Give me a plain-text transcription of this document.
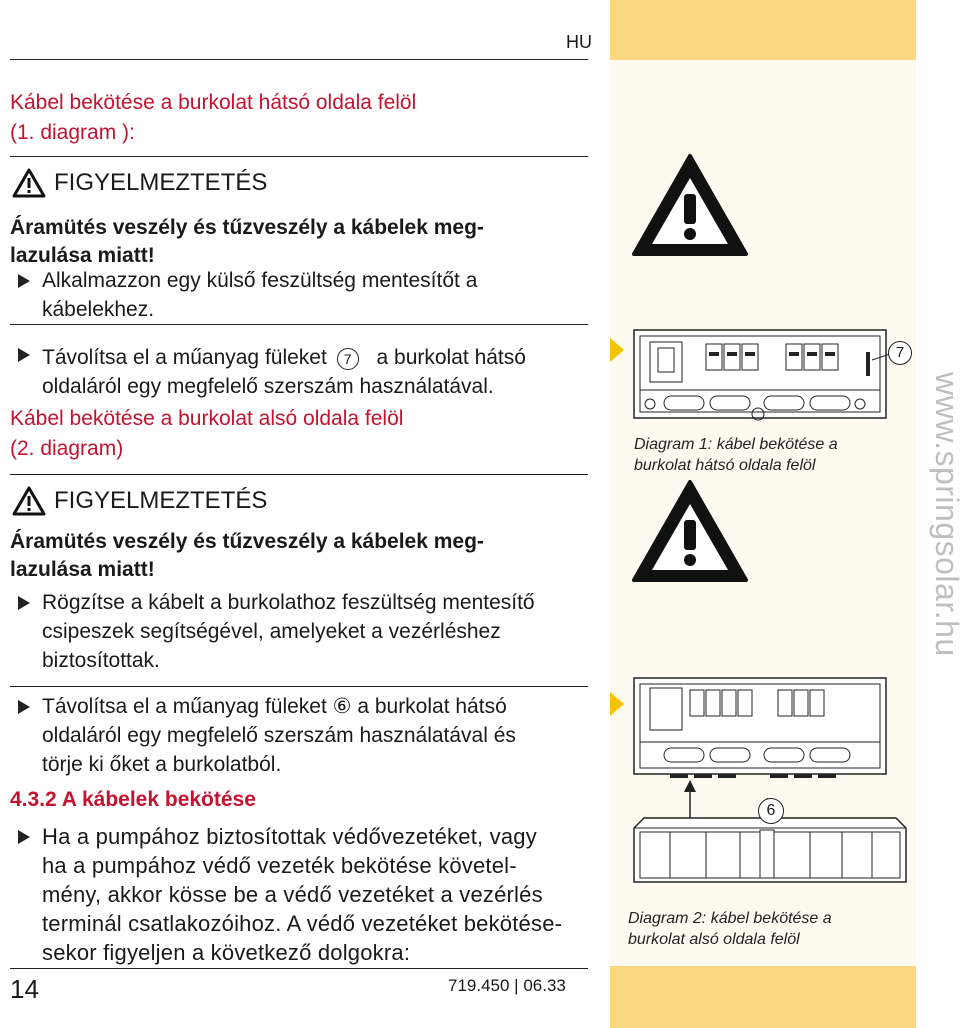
HU
Kábel bekötése a burkolat hátsó oldala felöl
(1. diagram ):
FIGYELMEZTETÉS
Áramütés veszély és tűzveszély a kábelek meg-
lazulása miatt!
Alkalmazzon egy külső feszültség mentesítőt a
kábelekhez.
Távolítsa el a műanyag füleket	7	a burkolat hátsó
oldaláról egy megfelelő szerszám használatával.
Kábel bekötése a burkolat alsó oldala felöl
(2. diagram)
FIGYELMEZTETÉS
Áramütés veszély és tűzveszély a kábelek meg-
lazulása miatt!
Rögzítse a kábelt a burkolathoz feszültség mentesítő
csipeszek segítségével, amelyeket a vezérléshez
biztosítottak.
Távolítsa el a műanyag füleket ⑥ a burkolat hátsó
oldaláról egy megfelelő szerszám használatával és
törje ki őket a burkolatból.
4.3.2 A kábelek bekötése
Ha a pumpához biztosítottak védővezetéket, vagy
ha a pumpához védő vezeték bekötése követel-
mény, akkor kösse be a védő vezetéket a vezérlés
terminál csatlakozóihoz. A védő vezetéket bekötése-
sekor figyeljen a következő dolgokra:
14	719.450 | 06.33
7
Diagram 1: kábel bekötése a
burkolat hátsó oldala felöl
6
Diagram 2: kábel bekötése a
burkolat alsó oldala felöl
www.springsolar.hu
